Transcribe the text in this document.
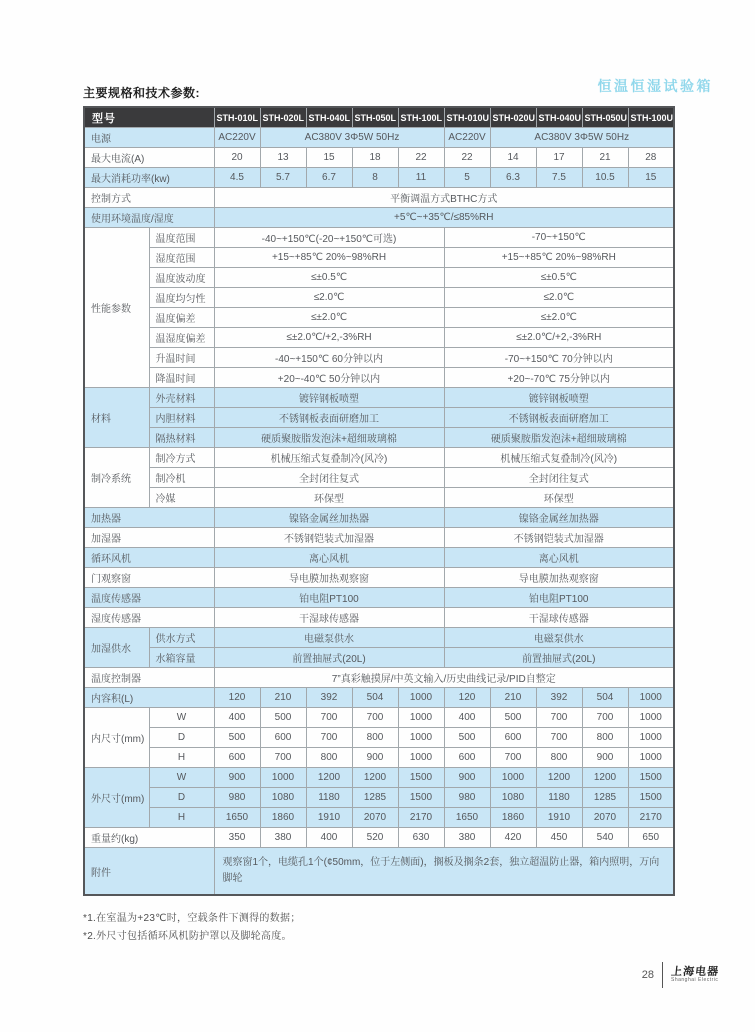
主要规格和技术参数:	恒温恒湿试验箱
型号		STH-010L	STH-020L	STH-040L	STH-050L	STH-100L	STH-010U	STH-020U	STH-040U	STH-050U	STH-100U
电源		AC220V	AC380V 3Φ5W 50Hz				AC220V	AC380V 3Φ5W 50Hz			
最大电流(A)		20	13	15	18	22	22	14	17	21	28
最大消耗功率(kw)		4.5	5.7	6.7	8	11	5	6.3	7.5	10.5	15
控制方式		平衡调温方式BTHC方式									
使用环境温度/湿度		+5℃~+35℃/≤85%RH									
性能参数	温度范围	-40~+150℃(-20~+150℃可选)					-70~+150℃				
	湿度范围	+15~+85℃ 20%~98%RH					+15~+85℃ 20%~98%RH				
	温度波动度	≤±0.5℃					≤±0.5℃				
	温度均匀性	≤2.0℃					≤2.0℃				
	温度偏差	≤±2.0℃					≤±2.0℃				
	温湿度偏差	≤±2.0℃/+2,-3%RH					≤±2.0℃/+2,-3%RH				
	升温时间	-40~+150℃ 60分钟以内					-70~+150℃ 70分钟以内				
	降温时间	+20~-40℃ 50分钟以内					+20~-70℃ 75分钟以内				
材料	外壳材料	镀锌钢板喷塑					镀锌钢板喷塑				
	内胆材料	不锈钢板表面研磨加工					不锈钢板表面研磨加工				
	隔热材料	硬质聚胺脂发泡沫+超细玻璃棉					硬质聚胺脂发泡沫+超细玻璃棉				
制冷系统	制冷方式	机械压缩式复叠制冷(风冷)					机械压缩式复叠制冷(风冷)				
	制冷机	全封闭往复式					全封闭往复式				
	冷媒	环保型					环保型				
加热器		镍铬金属丝加热器					镍铬金属丝加热器				
加湿器		不锈钢铠装式加湿器					不锈钢铠装式加湿器				
循环风机		离心风机					离心风机				
门观察窗		导电膜加热观察窗					导电膜加热观察窗				
温度传感器		铂电阻PT100					铂电阻PT100				
湿度传感器		干湿球传感器					干湿球传感器				
加湿供水	供水方式	电磁泵供水					电磁泵供水				
	水箱容量	前置抽屉式(20L)					前置抽屉式(20L)				
温度控制器		7”真彩触摸屏/中英文输入/历史曲线记录/PID自整定									
内容积(L)		120	210	392	504	1000	120	210	392	504	1000
内尺寸(mm)	W	400	500	700	700	1000	400	500	700	700	1000
	D	500	600	700	800	1000	500	600	700	800	1000
	H	600	700	800	900	1000	600	700	800	900	1000
外尺寸(mm)	W	900	1000	1200	1200	1500	900	1000	1200	1200	1500
	D	980	1080	1180	1285	1500	980	1080	1180	1285	1500
	H	1650	1860	1910	2070	2170	1650	1860	1910	2070	2170
重量约(kg)		350	380	400	520	630	380	420	450	540	650
附件		观察窗1个，电缆孔1个(¢50mm，位于左侧面)，搁板及搁条2套，独立超温防止器，箱内照明，万向脚轮									
*1.在室温为+23℃时，空载条件下测得的数据；
*2.外尺寸包括循环风机防护罩以及脚轮高度。
28 上海电器
Shanghai Electric
